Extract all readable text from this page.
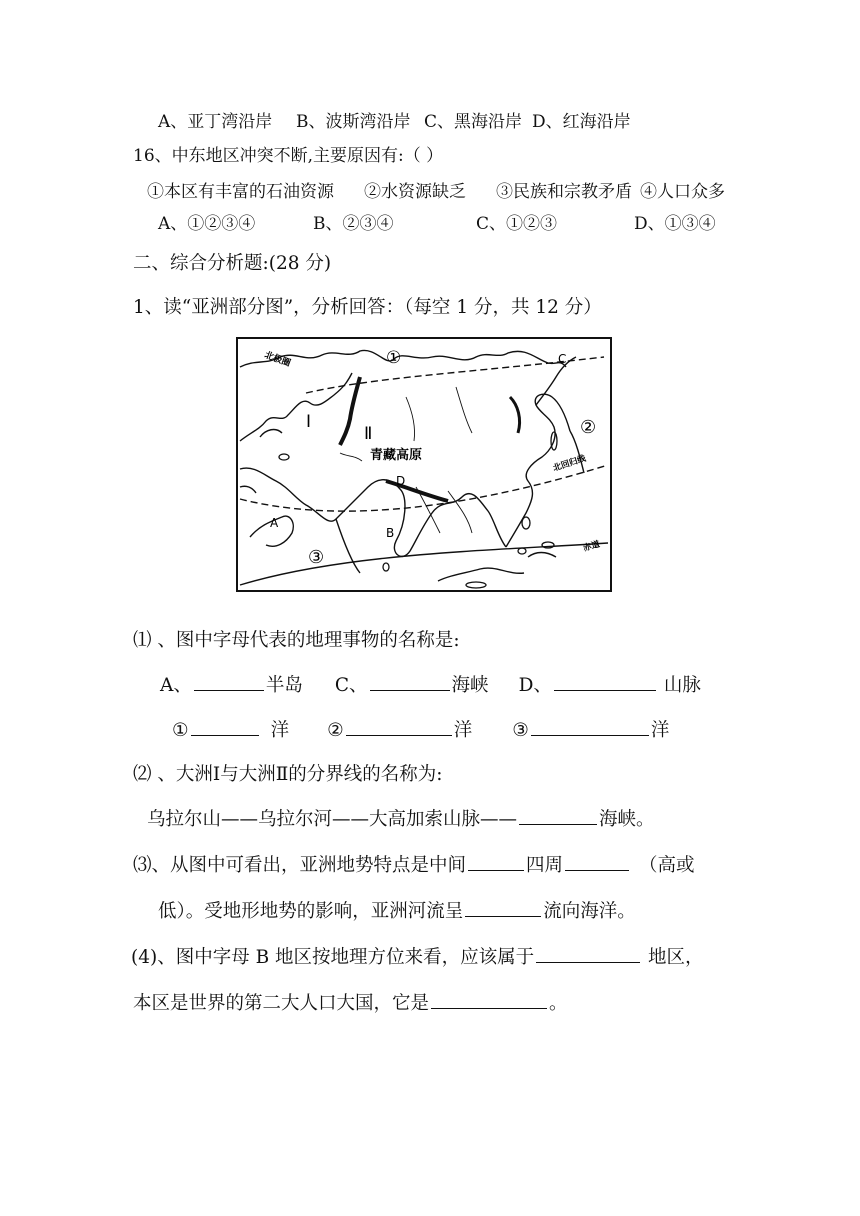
A、亚丁湾沿岸 B、波斯湾沿岸 C、黑海沿岸 D、红海沿岸
16、中东地区冲突不断,主要原因有:（ ）
①本区有丰富的石油资源 ②水资源缺乏 ③民族和宗教矛盾 ④人口众多
A、①②③④	B、②③④	C、①②③	D、①③④
二、综合分析题:(28 分)
1、读“亚洲部分图”，分析回答：（每空 1 分，共 12 分）
北极圈
北回归线
赤道
青藏高原
①
②
③
A
B
C
D
Ⅰ
Ⅱ
⑴ 、图中字母代表的地理事物的名称是:
A、	半岛 C、	海峡 D、	山脉
①	洋 ②	洋 ③	洋
⑵ 、大洲Ⅰ与大洲Ⅱ的分界线的名称为:
乌拉尔山——乌拉尔河——大高加索山脉——	海峡。
⑶、从图中可看出，亚洲地势特点是中间	四周	（高或
低）。受地形地势的影响，亚洲河流呈	流向海洋。
(4)、图中字母 B 地区按地理方位来看，应该属于	地区，
本区是世界的第二大人口大国，它是	。
